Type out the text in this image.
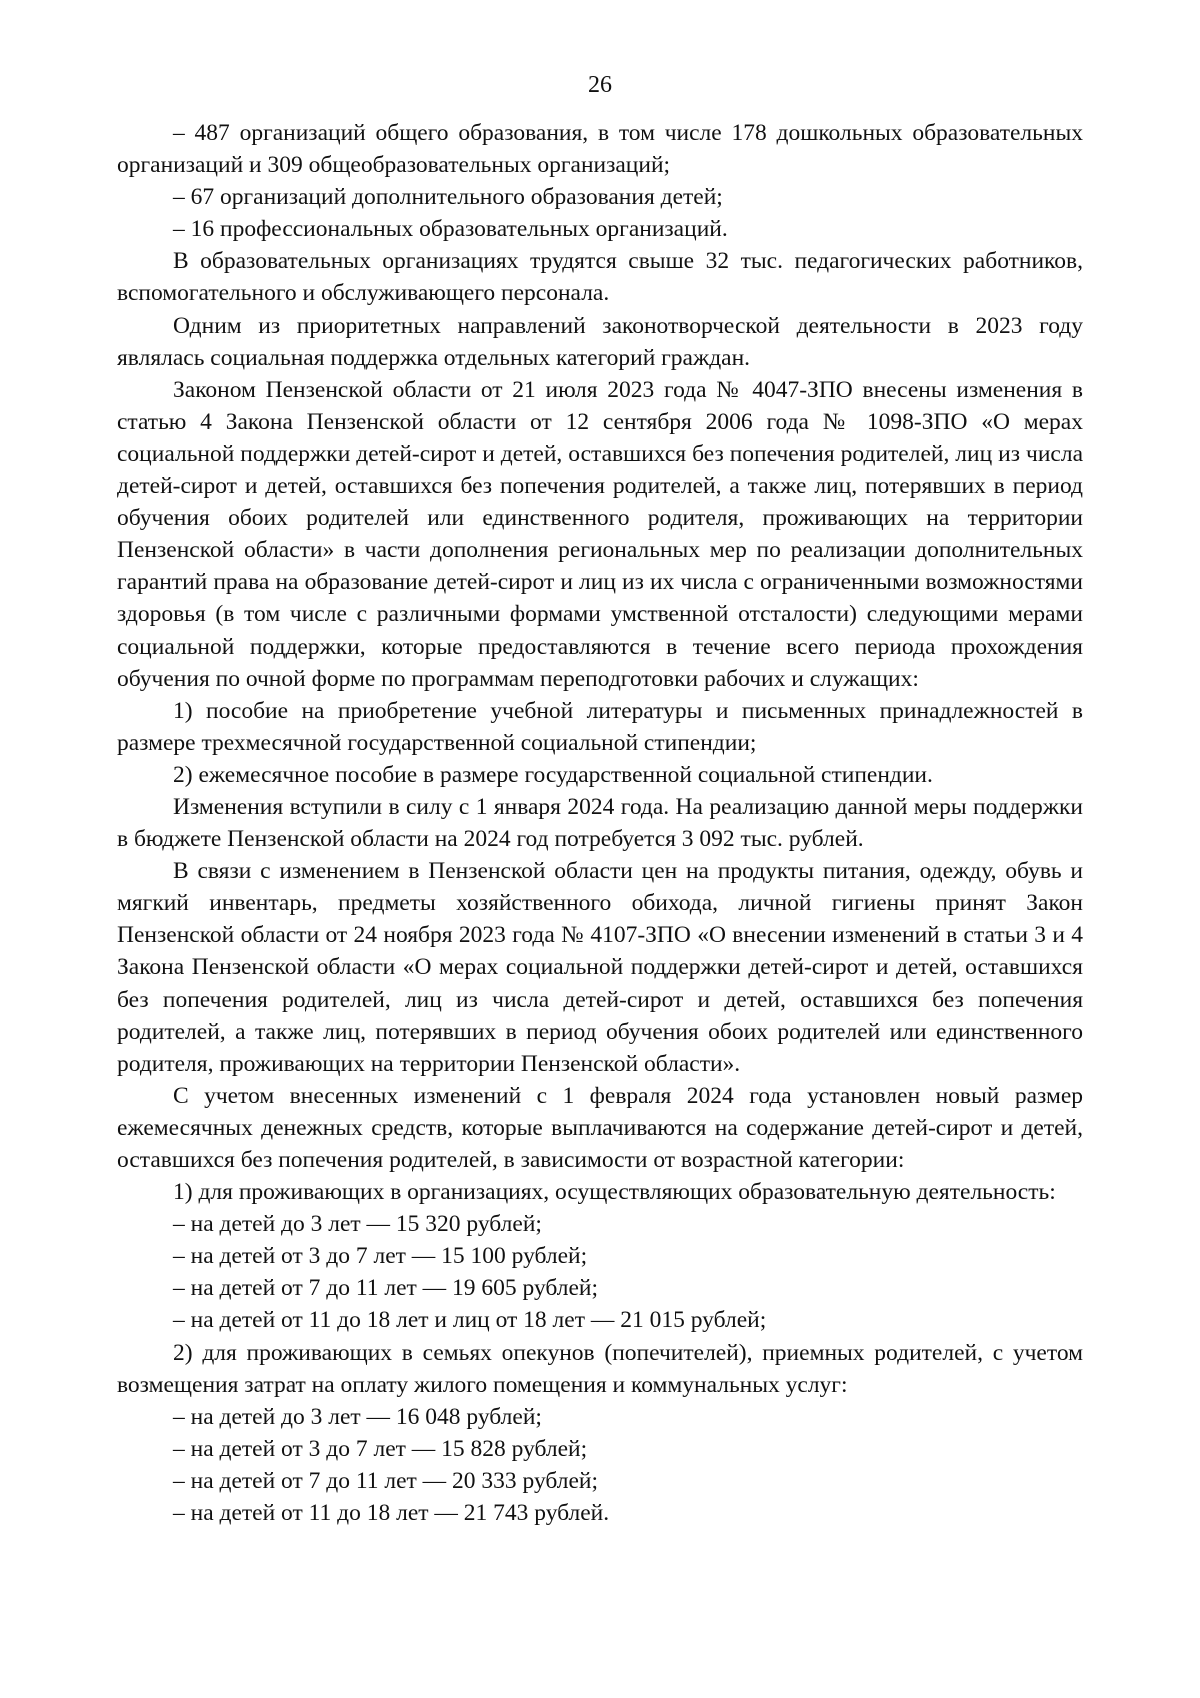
26

– 487 организаций общего образования, в том числе 178 дошкольных образовательных организаций и 309 общеобразовательных организаций;

– 67 организаций дополнительного образования детей;

– 16 профессиональных образовательных организаций.

В образовательных организациях трудятся свыше 32 тыс. педагогических работников, вспомогательного и обслуживающего персонала.

Одним из приоритетных направлений законотворческой деятельности в 2023 году являлась социальная поддержка отдельных категорий граждан.

Законом Пензенской области от 21 июля 2023 года № 4047-ЗПО внесены изменения в статью 4 Закона Пензенской области от 12 сентября 2006 года № 1098-ЗПО «О мерах социальной поддержки детей-сирот и детей, оставшихся без попечения родителей, лиц из числа детей-сирот и детей, оставшихся без попечения родителей, а также лиц, потерявших в период обучения обоих родителей или единственного родителя, проживающих на территории Пензенской области» в части дополнения региональных мер по реализации дополнительных гарантий права на образование детей-сирот и лиц из их числа с ограниченными возможностями здоровья (в том числе с различными формами умственной отсталости) следующими мерами социальной поддержки, которые предоставляются в течение всего периода прохождения обучения по очной форме по программам переподготовки рабочих и служащих:

1) пособие на приобретение учебной литературы и письменных принадлежностей в размере трехмесячной государственной социальной стипендии;

2) ежемесячное пособие в размере государственной социальной стипендии.

Изменения вступили в силу с 1 января 2024 года. На реализацию данной меры поддержки в бюджете Пензенской области на 2024 год потребуется 3 092 тыс. рублей.

В связи с изменением в Пензенской области цен на продукты питания, одежду, обувь и мягкий инвентарь, предметы хозяйственного обихода, личной гигиены принят Закон Пензенской области от 24 ноября 2023 года № 4107-ЗПО «О внесении изменений в статьи 3 и 4 Закона Пензенской области «О мерах социальной поддержки детей-сирот и детей, оставшихся без попечения родителей, лиц из числа детей-сирот и детей, оставшихся без попечения родителей, а также лиц, потерявших в период обучения обоих родителей или единственного родителя, проживающих на территории Пензенской области».

С учетом внесенных изменений с 1 февраля 2024 года установлен новый размер ежемесячных денежных средств, которые выплачиваются на содержание детей-сирот и детей, оставшихся без попечения родителей, в зависимости от возрастной категории:

1) для проживающих в организациях, осуществляющих образовательную деятельность:

– на детей до 3 лет — 15 320 рублей;

– на детей от 3 до 7 лет — 15 100 рублей;

– на детей от 7 до 11 лет — 19 605 рублей;

– на детей от 11 до 18 лет и лиц от 18 лет — 21 015 рублей;

2) для проживающих в семьях опекунов (попечителей), приемных родителей, с учетом возмещения затрат на оплату жилого помещения и коммунальных услуг:

– на детей до 3 лет — 16 048 рублей;

– на детей от 3 до 7 лет — 15 828 рублей;

– на детей от 7 до 11 лет — 20 333 рублей;

– на детей от 11 до 18 лет — 21 743 рублей.
